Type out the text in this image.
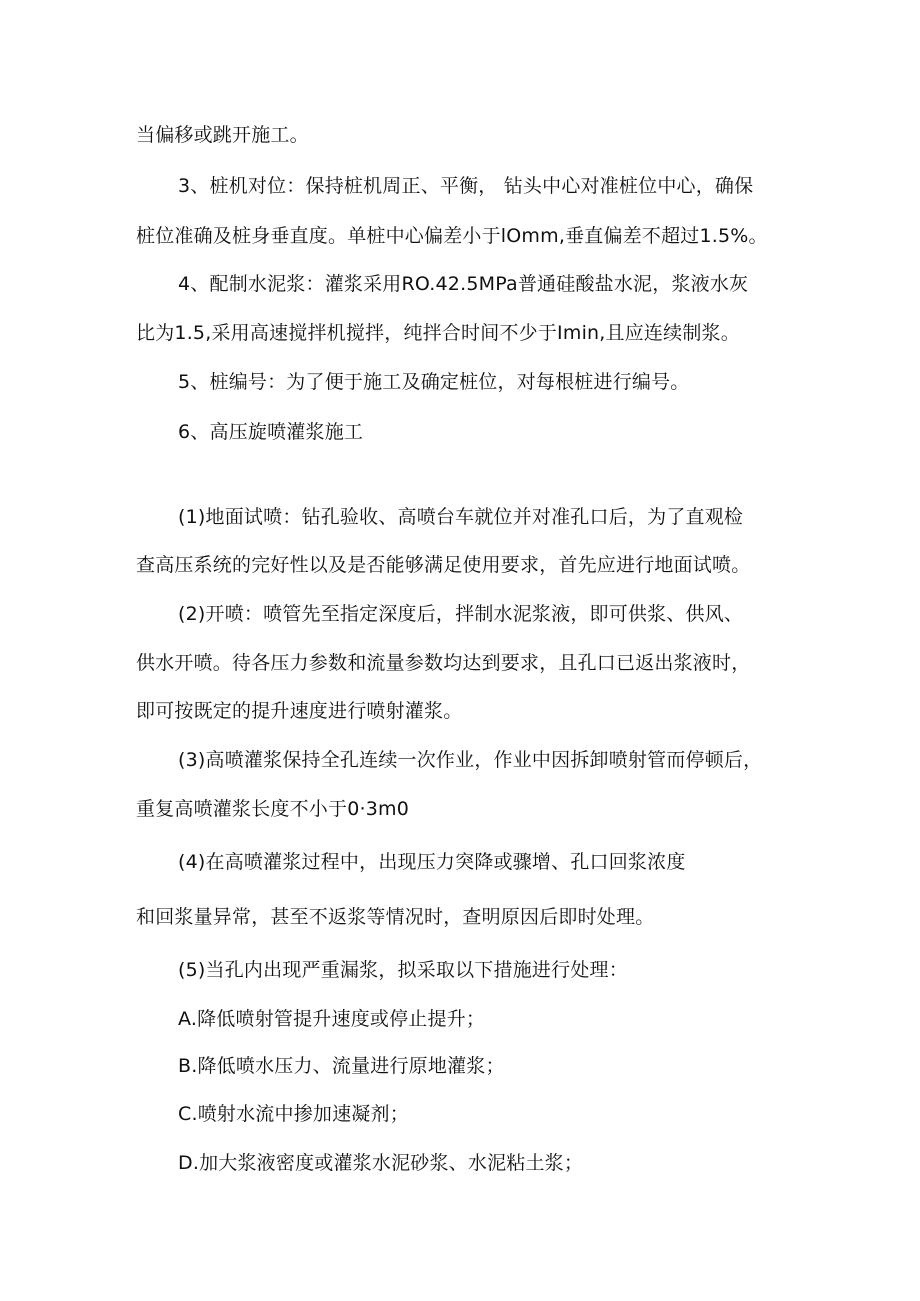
当偏移或跳开施工。
3、桩机对位：保持桩机周正、平衡， 钻头中心对准桩位中心，确保
桩位准确及桩身垂直度。单桩中心偏差小于lOmm,垂直偏差不超过1.5%。
4、配制水泥浆：灌浆采用RO.42.5MPa普通硅酸盐水泥，浆液水灰
比为1.5,采用高速搅拌机搅拌，纯拌合时间不少于Imin,且应连续制浆。
5、桩编号：为了便于施工及确定桩位，对每根桩进行编号。
6、高压旋喷灌浆施工
(1)地面试喷：钻孔验收、高喷台车就位并对准孔口后，为了直观检
查高压系统的完好性以及是否能够满足使用要求，首先应进行地面试喷。
(2)开喷：喷管先至指定深度后，拌制水泥浆液，即可供浆、供风、
供水开喷。待各压力参数和流量参数均达到要求，且孔口已返出浆液时，
即可按既定的提升速度进行喷射灌浆。
(3)高喷灌浆保持全孔连续一次作业，作业中因拆卸喷射管而停顿后，
重复高喷灌浆长度不小于0·3m0
(4)在高喷灌浆过程中，出现压力突降或骤增、孔口回浆浓度
和回浆量异常，甚至不返浆等情况时，查明原因后即时处理。
(5)当孔内出现严重漏浆，拟采取以下措施进行处理：
A.降低喷射管提升速度或停止提升；
B.降低喷水压力、流量进行原地灌浆；
C.喷射水流中掺加速凝剂；
D.加大浆液密度或灌浆水泥砂浆、水泥粘土浆；
